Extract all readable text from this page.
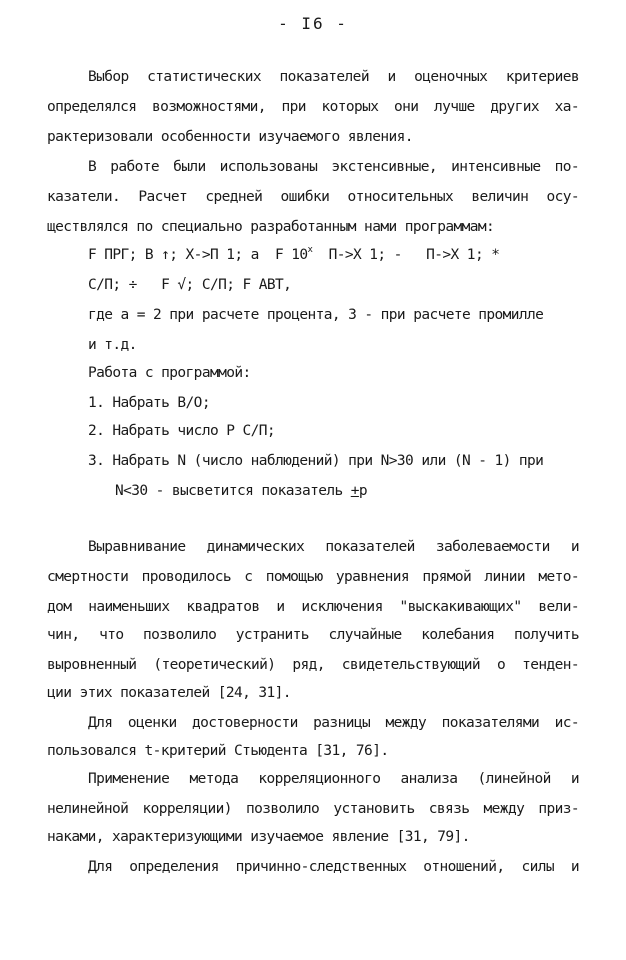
- I6 -
Выбор статистических показателей и оценочных критериев
определялся возможностями, при которых они лучше других ха-
рактеризовали особенности изучаемого явления.
В работе были использованы экстенсивные, интенсивные по-
казатели. Расчет средней ошибки относительных величин осу-
ществлялся по специально разработанным нами программам:
F ПРГ; В ↑; Х->П 1; a  F 10$^x$  П->Х 1; -   П->Х 1; *
С/П; ÷   F √; С/П; F АВТ,
где a = 2 при расчете процента, 3 - при расчете промилле
и т.д.
Работа с программой:
1. Набрать В/О;
2. Набрать число Р С/П;
3. Набрать N (число наблюдений) при N>30 или (N - 1) при
N<30 - высветится показатель +p
Выравнивание динамических показателей заболеваемости и
смертности проводилось с помощью уравнения прямой линии мето-
дом наименьших квадратов и исключения "выскакивающих" вели-
чин, что позволило устранить случайные колебания получить
выровненный (теоретический) ряд, свидетельствующий о тенден-
ции этих показателей [24, 31].
Для оценки достоверности разницы между показателями ис-
пользовался t-критерий Стьюдента [31, 76].
Применение метода корреляционного анализа (линейной и
нелинейной корреляции) позволило установить связь между приз-
наками, характеризующими изучаемое явление [31, 79].
Для определения причинно-следственных отношений, силы и
